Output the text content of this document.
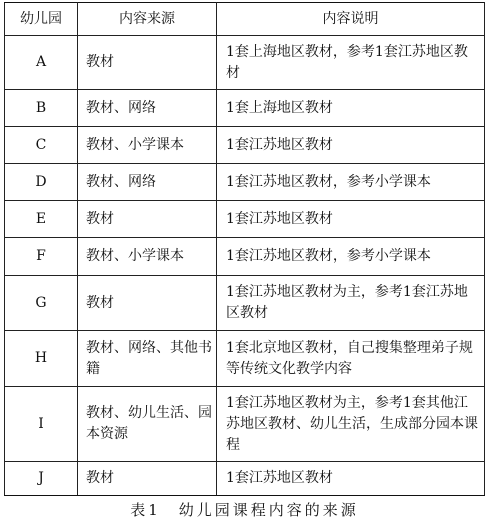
幼儿园	内容来源	内容说明
A	教材	1套上海地区教材，参考1套江苏地区教材
B	教材、网络	1套上海地区教材
C	教材、小学课本	1套江苏地区教材
D	教材、网络	1套江苏地区教材，参考小学课本
E	教材	1套江苏地区教材
F	教材、小学课本	1套江苏地区教材，参考小学课本
G	教材	1套江苏地区教材为主，参考1套江苏地区教材
H	教材、网络、其他书籍	1套北京地区教材，自己搜集整理弟子规等传统文化教学内容
I	教材、幼儿生活、园本资源	1套江苏地区教材为主，参考1套其他江苏地区教材、幼儿生活，生成部分园本课程
J	教材	1套江苏地区教材
表1　幼儿园课程内容的来源
